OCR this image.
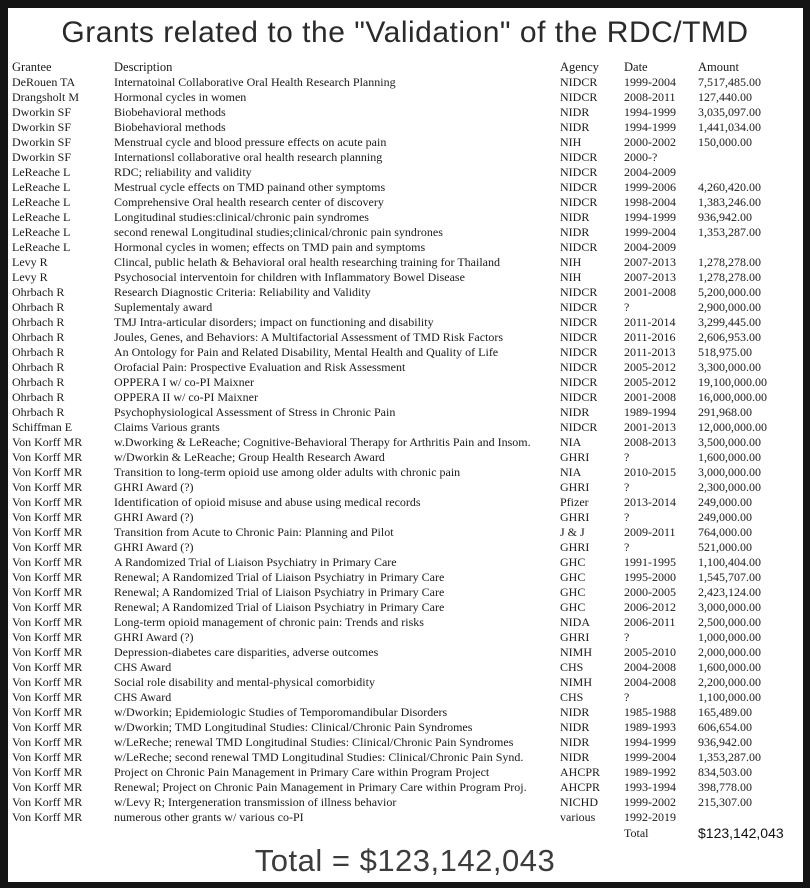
Grants related to the "Validation" of the RDC/TMD
Grantee	Description	Agency	Date	Amount
DeRouen TA	Internatoinal Collaborative Oral Health Research Planning	NIDCR	1999-2004	7,517,485.00
Drangsholt M	Hormonal cycles in women	NIDCR	2008-2011	127,440.00
Dworkin SF	Biobehavioral methods	NIDR	1994-1999	3,035,097.00
Dworkin SF	Biobehavioral methods	NIDR	1994-1999	1,441,034.00
Dworkin SF	Menstrual cycle and blood pressure effects on acute pain	NIH	2000-2002	150,000.00
Dworkin SF	Internationsl collaborative oral health research planning	NIDCR	2000-?	
LeReache L	RDC; reliability and validity	NIDCR	2004-2009	
LeReache L	Mestrual cycle effects on TMD painand other symptoms	NIDCR	1999-2006	4,260,420.00
LeReache L	Comprehensive Oral health research center of discovery	NIDCR	1998-2004	1,383,246.00
LeReache L	Longitudinal studies:clinical/chronic pain syndromes	NIDR	1994-1999	936,942.00
LeReache L	second renewal Longitudinal studies;clinical/chronic pain syndrones	NIDR	1999-2004	1,353,287.00
LeReache L	Hormonal cycles in women; effects on TMD pain and symptoms	NIDCR	2004-2009	
Levy R	Clincal, public helath & Behavioral oral health researching training for Thailand	NIH	2007-2013	1,278,278.00
Levy R	Psychosocial interventoin for children with Inflammatory Bowel Disease	NIH	2007-2013	1,278,278.00
Ohrbach R	Research Diagnostic Criteria: Reliability and Validity	NIDCR	2001-2008	5,200,000.00
Ohrbach R	Suplementaly award	NIDCR	?	2,900,000.00
Ohrbach R	TMJ Intra-articular disorders; impact on functioning and disability	NIDCR	2011-2014	3,299,445.00
Ohrbach R	Joules, Genes, and Behaviors: A Multifactorial Assessment of TMD Risk Factors	NIDCR	2011-2016	2,606,953.00
Ohrbach R	An Ontology for Pain and Related Disability, Mental Health and Quality of Life	NIDCR	2011-2013	518,975.00
Ohrbach R	Orofacial Pain: Prospective Evaluation and Risk Assessment	NIDCR	2005-2012	3,300,000.00
Ohrbach R	OPPERA I w/ co-PI Maixner	NIDCR	2005-2012	19,100,000.00
Ohrbach R	OPPERA II w/ co-PI Maixner	NIDCR	2001-2008	16,000,000.00
Ohrbach R	Psychophysiological Assessment of Stress in Chronic Pain	NIDR	1989-1994	291,968.00
Schiffman E	Claims Various grants	NIDCR	2001-2013	12,000,000.00
Von Korff MR	w.Dworking & LeReache; Cognitive-Behavioral Therapy for Arthritis Pain and Insom.	NIA	2008-2013	3,500,000.00
Von Korff MR	w/Dworkin & LeReache; Group Health Research Award	GHRI	?	1,600,000.00
Von Korff MR	Transition to long-term opioid use among older adults with chronic pain	NIA	2010-2015	3,000,000.00
Von Korff MR	GHRI Award (?)	GHRI	?	2,300,000.00
Von Korff MR	Identification of opioid misuse and abuse using medical records	Pfizer	2013-2014	249,000.00
Von Korff MR	GHRI Award (?)	GHRI	?	249,000.00
Von Korff MR	Transition from Acute to Chronic Pain: Planning and Pilot	J & J	2009-2011	764,000.00
Von Korff MR	GHRI Award (?)	GHRI	?	521,000.00
Von Korff MR	A Randomized Trial of Liaison Psychiatry in Primary Care	GHC	1991-1995	1,100,404.00
Von Korff MR	Renewal; A Randomized Trial of Liaison Psychiatry in Primary Care	GHC	1995-2000	1,545,707.00
Von Korff MR	Renewal; A Randomized Trial of Liaison Psychiatry in Primary Care	GHC	2000-2005	2,423,124.00
Von Korff MR	Renewal; A Randomized Trial of Liaison Psychiatry in Primary Care	GHC	2006-2012	3,000,000.00
Von Korff MR	Long-term opioid management of chronic pain: Trends and risks	NIDA	2006-2011	2,500,000.00
Von Korff MR	GHRI Award (?)	GHRI	?	1,000,000.00
Von Korff MR	Depression-diabetes care disparities, adverse outcomes	NIMH	2005-2010	2,000,000.00
Von Korff MR	CHS Award	CHS	2004-2008	1,600,000.00
Von Korff MR	Social role disability and mental-physical comorbidity	NIMH	2004-2008	2,200,000.00
Von Korff MR	CHS Award	CHS	?	1,100,000.00
Von Korff MR	w/Dworkin; Epidemiologic Studies of Temporomandibular Disorders	NIDR	1985-1988	165,489.00
Von Korff MR	w/Dworkin; TMD Longitudinal Studies: Clinical/Chronic Pain Syndromes	NIDR	1989-1993	606,654.00
Von Korff MR	w/LeReche; renewal TMD Longitudinal Studies: Clinical/Chronic Pain Syndromes	NIDR	1994-1999	936,942.00
Von Korff MR	w/LeReche; second renewal TMD Longitudinal Studies: Clinical/Chronic Pain Synd.	NIDR	1999-2004	1,353,287.00
Von Korff MR	Project on Chronic Pain Management in Primary Care within Program Project	AHCPR	1989-1992	834,503.00
Von Korff MR	Renewal; Project on Chronic Pain Management in Primary Care within Program Proj.	AHCPR	1993-1994	398,778.00
Von Korff MR	w/Levy R; Intergeneration transmission of illness behavior	NICHD	1999-2002	215,307.00
Von Korff MR	numerous other grants w/ various co-PI	various	1992-2019	
			Total	$123,142,043
Total = $123,142,043
